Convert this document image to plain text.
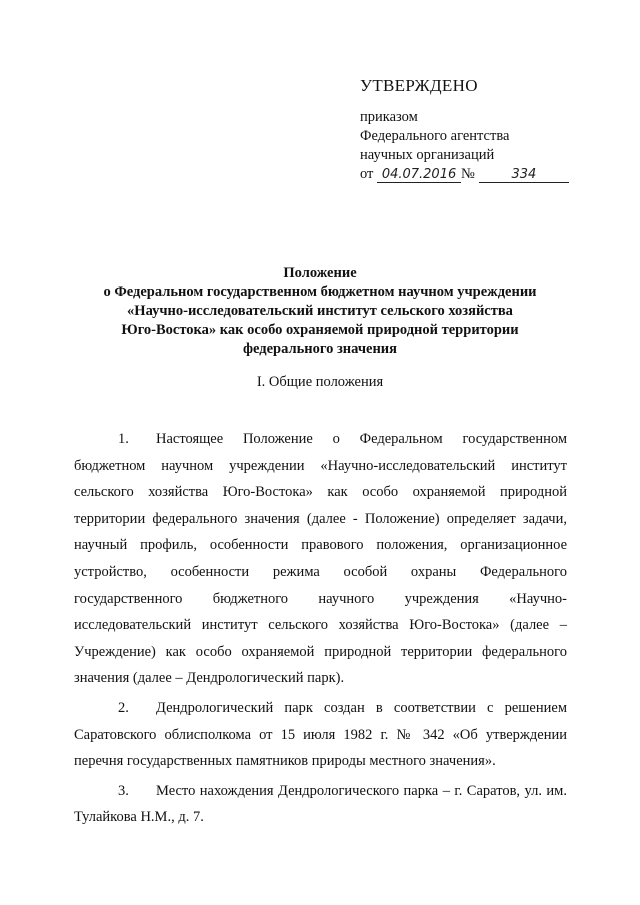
УТВЕРЖДЕНО
приказом
Федерального агентства
научных организаций
от 04.07.2016 №	334
Положение
о Федеральном государственном бюджетном научном учреждении
«Научно-исследовательский институт сельского хозяйства
Юго-Востока» как особо охраняемой природной территории
федерального значения
I. Общие положения

1. Настоящее Положение о Федеральном государственном бюджетном научном учреждении «Научно-исследовательский институт сельского хозяйства Юго-Востока» как особо охраняемой природной территории федерального значения (далее - Положение) определяет задачи, научный профиль, особенности правового положения, организационное устройство, особенности режима особой охраны Федерального государственного бюджетного научного учреждения «Научно-исследовательский институт сельского хозяйства Юго-Востока» (далее – Учреждение) как особо охраняемой природной территории федерального значения (далее – Дендрологический парк).

2. Дендрологический парк создан в соответствии с решением Саратовского облисполкома от 15 июля 1982 г. № 342 «Об утверждении перечня государственных памятников природы местного значения».

3. Место нахождения Дендрологического парка – г. Саратов, ул. им. Тулайкова Н.М., д. 7.
